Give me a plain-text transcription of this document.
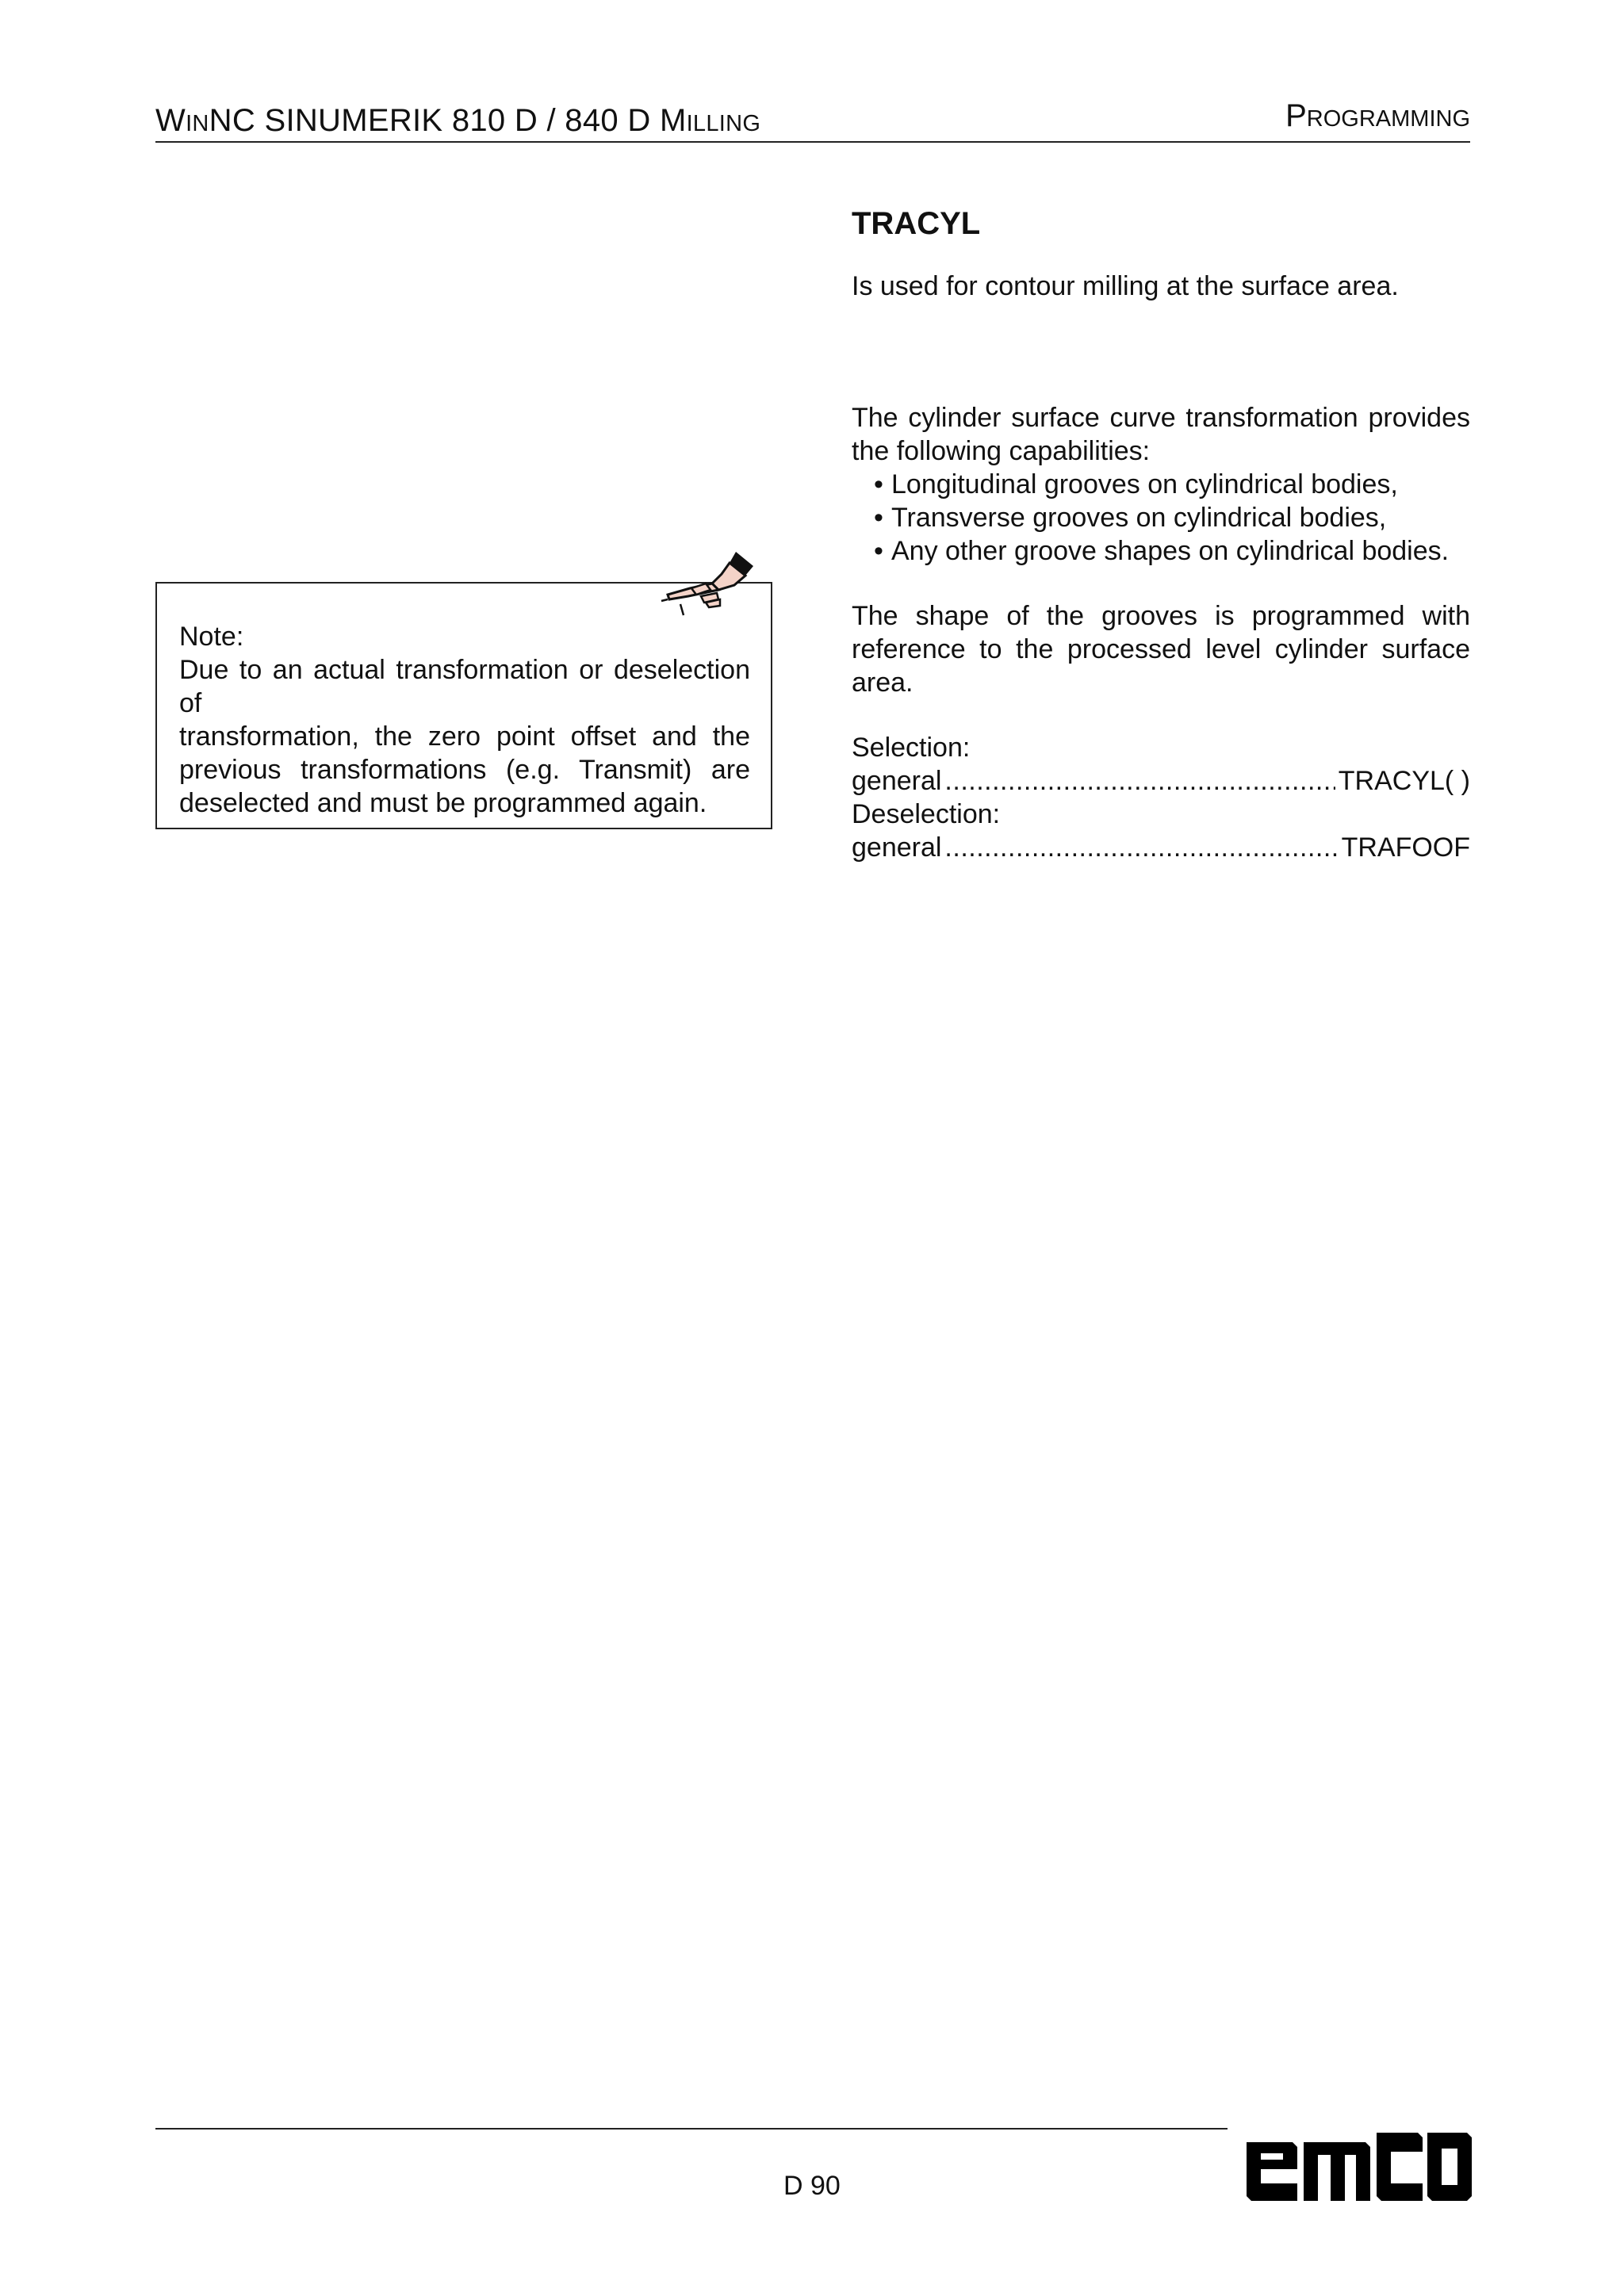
WINNC SINUMERIK 810 D / 840 D MILLING	PROGRAMMING
Note:
Due to an actual transformation or deselection of
transformation, the zero point offset and the
previous transformations (e.g. Transmit) are
deselected and must be programmed again.
TRACYL
Is used for contour milling at the surface area.
The cylinder surface curve transformation provides
the following capabilities:
• Longitudinal grooves on cylindrical bodies,
• Transverse grooves on cylindrical bodies,
• Any other groove shapes on cylindrical bodies.
The shape of the grooves is programmed with
reference to the processed level cylinder surface
area.
Selection:
general .....	TRACYL( )
Deselection:
general .....	TRAFOOF
D 90
